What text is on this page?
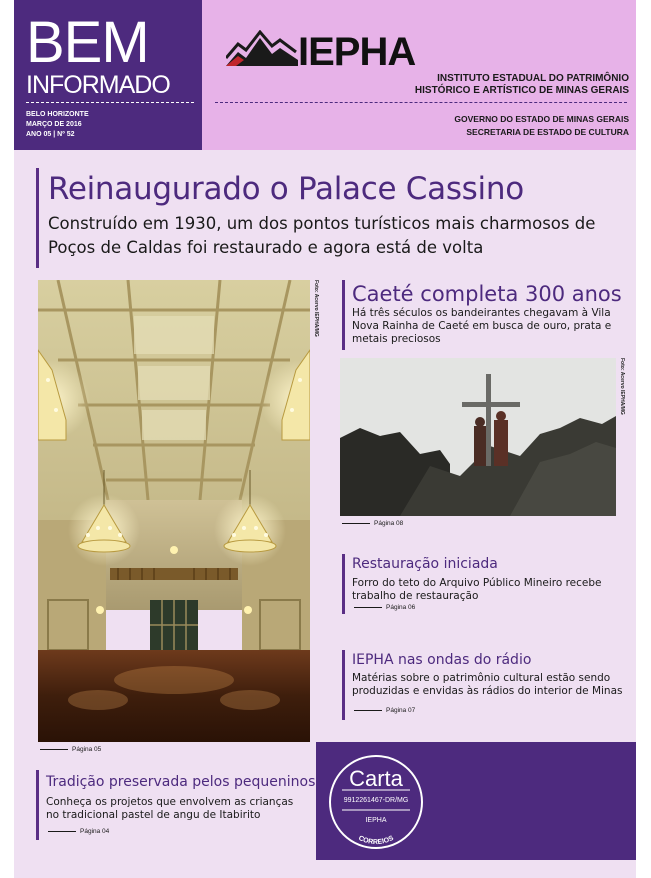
BEM
INFORMADO
BELO HORIZONTE
MARÇO DE 2016
ANO 05 | Nº 52
IEPHA
INSTITUTO ESTADUAL DO PATRIMÔNIO
HISTÓRICO E ARTÍSTICO DE MINAS GERAIS
GOVERNO DO ESTADO DE MINAS GERAIS
SECRETARIA DE ESTADO DE CULTURA
Reinaugurado o Palace Cassino
Construído em 1930, um dos pontos turísticos mais charmosos de Poços de Caldas foi restaurado e agora está de volta
Foto: Acervo IEPHA/MG
Página 05
Caeté completa 300 anos
Há três séculos os bandeirantes chegavam à Vila Nova Rainha de Caeté em busca de ouro, prata e metais preciosos
Foto: Acervo IEPHA/MG
Página 08
Restauração iniciada
Forro do teto do Arquivo Público Mineiro recebe trabalho de restauração
Página 06
IEPHA nas ondas do rádio
Matérias sobre o patrimônio cultural estão sendo produzidas e envidas às rádios do interior de Minas
Página 07
Tradição preservada pelos pequeninos
Conheça os projetos que envolvem as crianças no tradicional pastel de angu de Itabirito
Página 04
Carta
9912261467-DR/MG
IEPHA
CORREIOS
